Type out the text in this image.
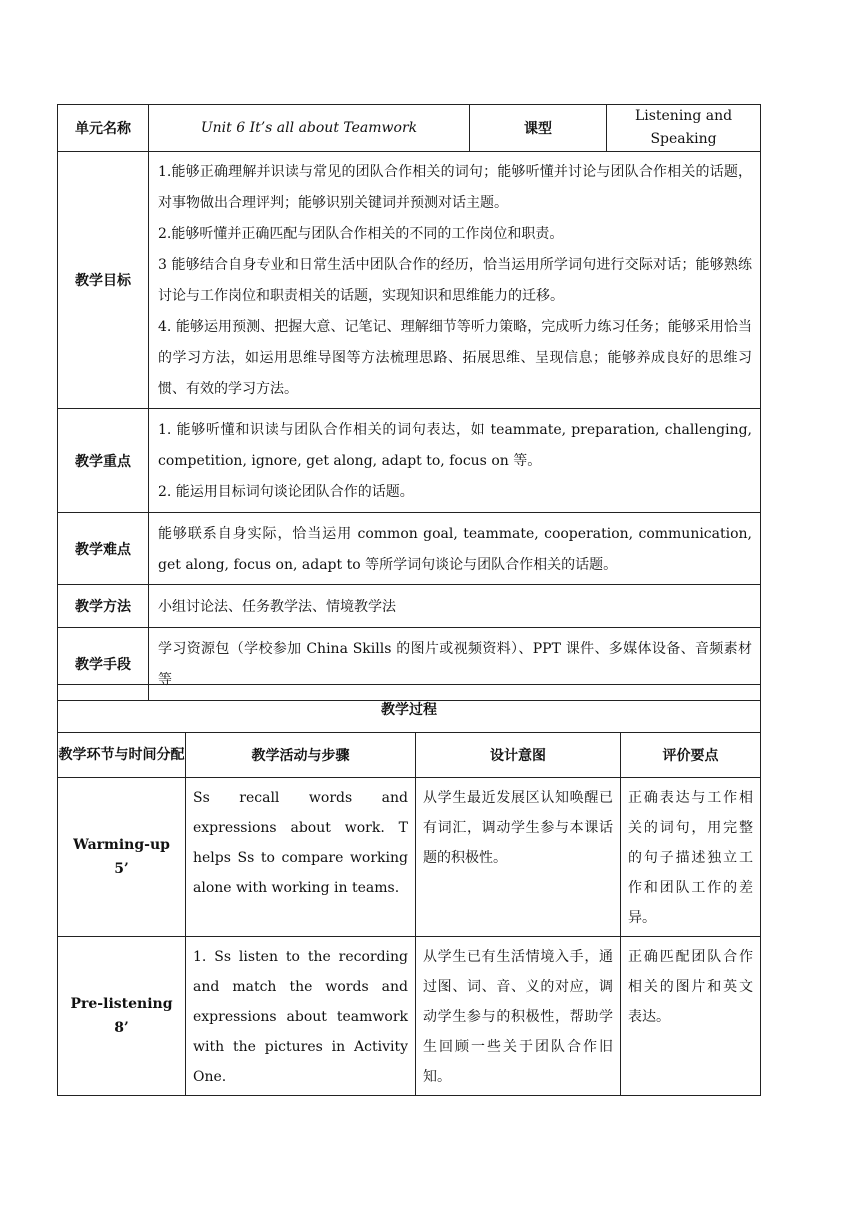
单元名称	Unit 6 It’s all about Teamwork	课型	Listening and Speaking
教学目标	1.能够正确理解并识读与常见的团队合作相关的词句；能够听懂并讨论与团队合作相关的话题，对事物做出合理评判；能够识别关键词并预测对话主题。

2.能够听懂并正确匹配与团队合作相关的不同的工作岗位和职责。

3 能够结合自身专业和日常生活中团队合作的经历，恰当运用所学词句进行交际对话；能够熟练讨论与工作岗位和职责相关的话题，实现知识和思维能力的迁移。

4. 能够运用预测、把握大意、记笔记、理解细节等听力策略，完成听力练习任务；能够采用恰当的学习方法，如运用思维导图等方法梳理思路、拓展思维、呈现信息；能够养成良好的思维习惯、有效的学习方法。		

教学重点	1. 能够听懂和识读与团队合作相关的词句表达，如 teammate, preparation, challenging, competition, ignore, get along, adapt to, focus on 等。

2. 能运用目标词句谈论团队合作的话题。		

教学难点	能够联系自身实际，恰当运用 common goal, teammate, cooperation, communication, get along, focus on, adapt to 等所学词句谈论与团队合作相关的话题。		
教学方法	小组讨论法、任务教学法、情境教学法		
教学手段	学习资源包（学校参加 China Skills 的图片或视频资料）、PPT 课件、多媒体设备、音频素材等		
教学过程			
教学环节与时间分配	教学活动与步骤	设计意图	评价要点

Warming-up
5’	Ss recall words and expressions about work. T helps Ss to compare working alone with working in teams.	从学生最近发展区认知唤醒已有词汇，调动学生参与本课话题的积极性。	正确表达与工作相关的词句，用完整的句子描述独立工作和团队工作的差异。

Pre-listening
8’	1. Ss listen to the recording and match the words and expressions about teamwork with the pictures in Activity One.	从学生已有生活情境入手，通过图、词、音、义的对应，调动学生参与的积极性，帮助学生回顾一些关于团队合作旧知。	正确匹配团队合作相关的图片和英文表达。
